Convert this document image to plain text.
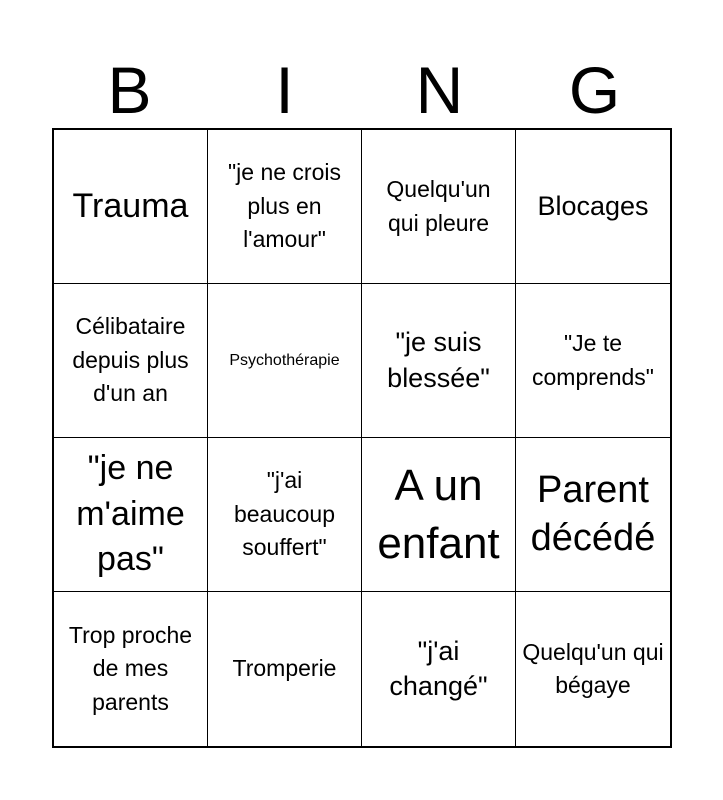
B	I	N	G
Trauma
"je ne crois plus en l'amour"
Quelqu'un qui pleure
Blocages
Célibataire depuis plus d'un an
Psychothérapie
"je suis blessée"
"Je te comprends"
"je ne m'aime pas"
"j'ai beaucoup souffert"
A un enfant
Parent décédé
Trop proche de mes parents
Tromperie
"j'ai changé"
Quelqu'un qui bégaye
